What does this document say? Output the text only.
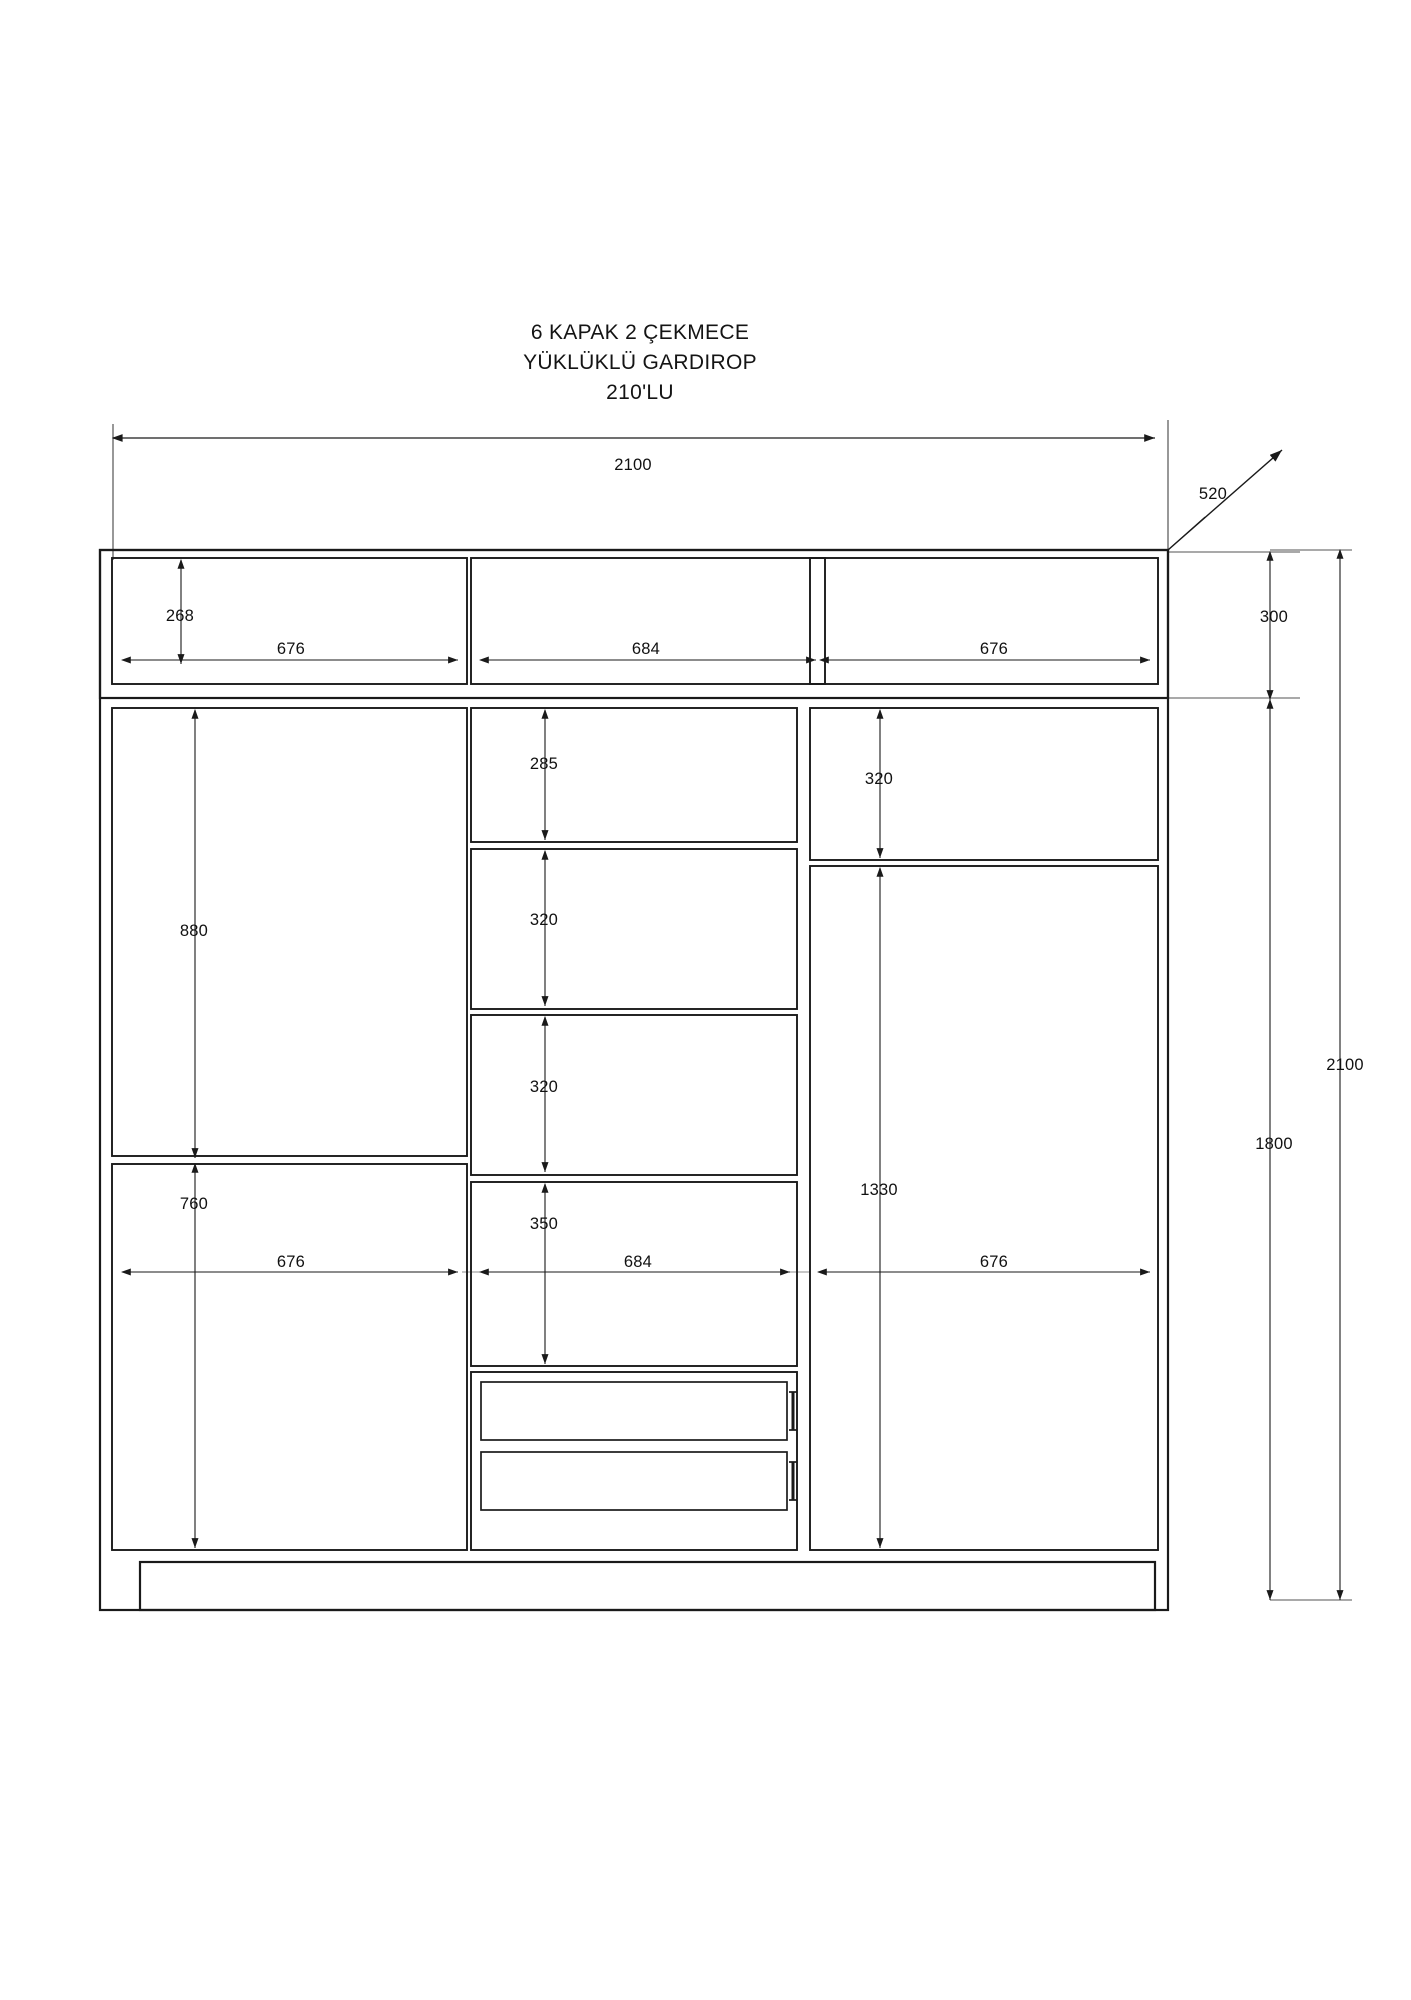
6 KAPAK 2 ÇEKMECE
YÜKLÜKLÜ GARDIROP
210'LU
2100
520
676	684	676
268	300
1800
2100
880
760
676	684	676
285
320
320
350
320
1330
